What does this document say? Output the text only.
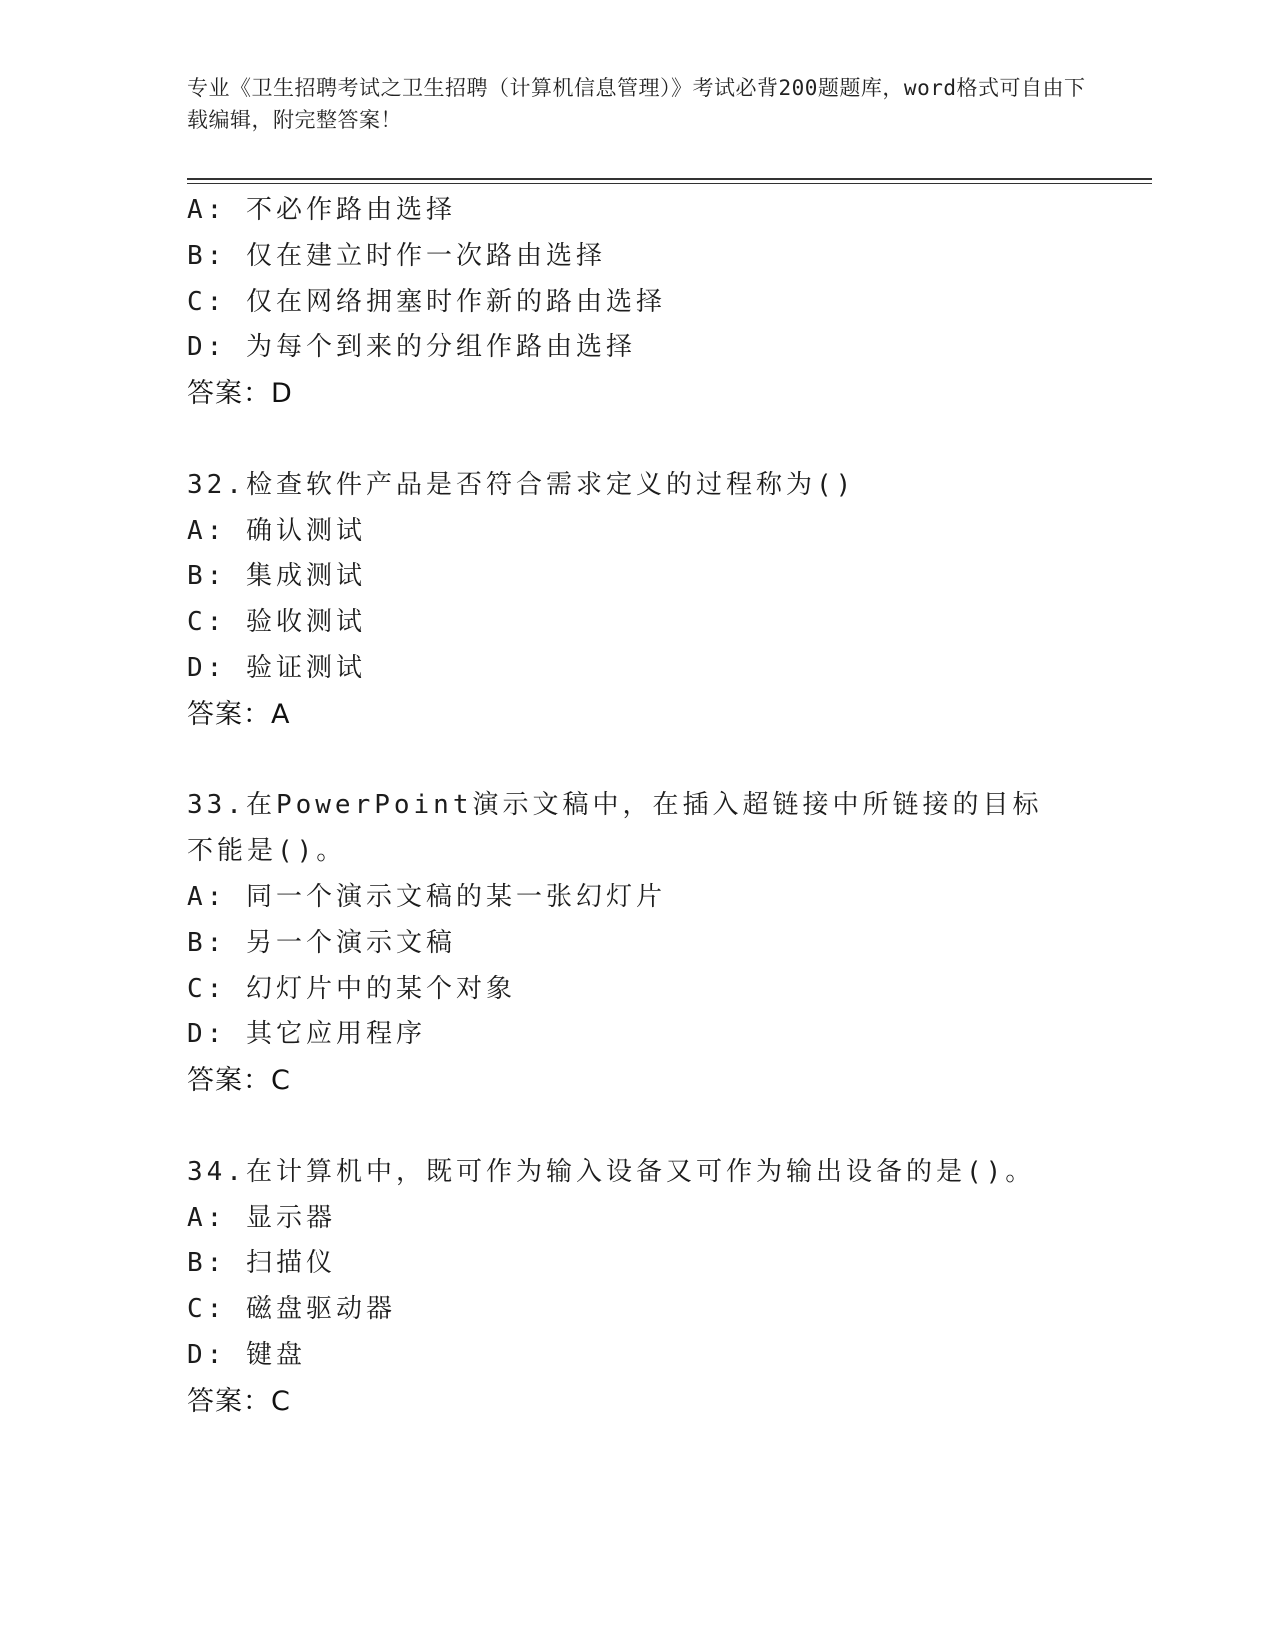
专业《卫生招聘考试之卫生招聘（计算机信息管理）》考试必背200题题库，word格式可自由下载编辑，附完整答案！
A: 不必作路由选择
B: 仅在建立时作一次路由选择
C: 仅在网络拥塞时作新的路由选择
D: 为每个到来的分组作路由选择
答案：D
32.检查软件产品是否符合需求定义的过程称为()
A: 确认测试
B: 集成测试
C: 验收测试
D: 验证测试
答案：A
33.在PowerPoint演示文稿中，在插入超链接中所链接的目标不能是()。
A: 同一个演示文稿的某一张幻灯片
B: 另一个演示文稿
C: 幻灯片中的某个对象
D: 其它应用程序
答案：C
34.在计算机中，既可作为输入设备又可作为输出设备的是()。
A: 显示器
B: 扫描仪
C: 磁盘驱动器
D: 键盘
答案：C
